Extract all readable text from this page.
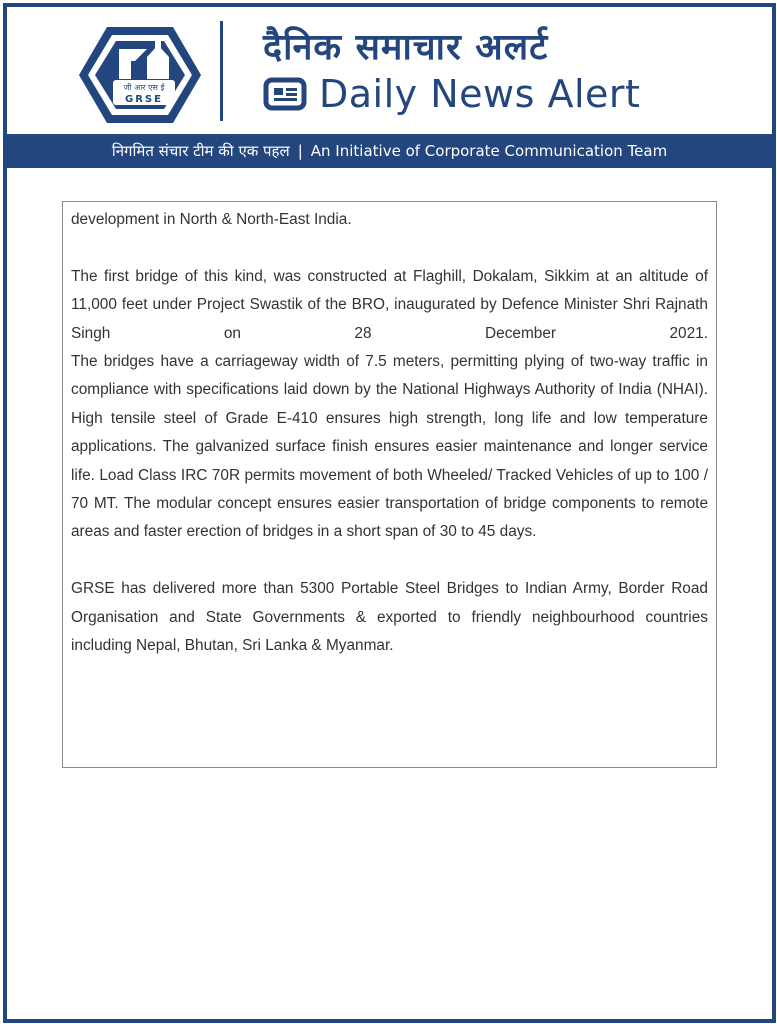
जी आर एस ई
GRSE
दैनिक समाचार अलर्ट
Daily News Alert
निगमित संचार टीम की एक पहल | An Initiative of Corporate Communication Team

development in North & North-East India.

The first bridge of this kind, was constructed at Flaghill, Dokalam, Sikkim at an altitude of 11,000 feet under Project Swastik of the BRO, inaugurated by Defence Minister Shri Rajnath Singh on 28 December 2021.

The bridges have a carriageway width of 7.5 meters, permitting plying of two-way traffic in compliance with specifications laid down by the National Highways Authority of India (NHAI). High tensile steel of Grade E-410 ensures high strength, long life and low temperature applications. The galvanized surface finish ensures easier maintenance and longer service life. Load Class IRC 70R permits movement of both Wheeled/ Tracked Vehicles of up to 100 / 70 MT. The modular concept ensures easier transportation of bridge components to remote areas and faster erection of bridges in a short span of 30 to 45 days.

GRSE has delivered more than 5300 Portable Steel Bridges to Indian Army, Border Road Organisation and State Governments & exported to friendly neighbourhood countries including Nepal, Bhutan, Sri Lanka & Myanmar.
